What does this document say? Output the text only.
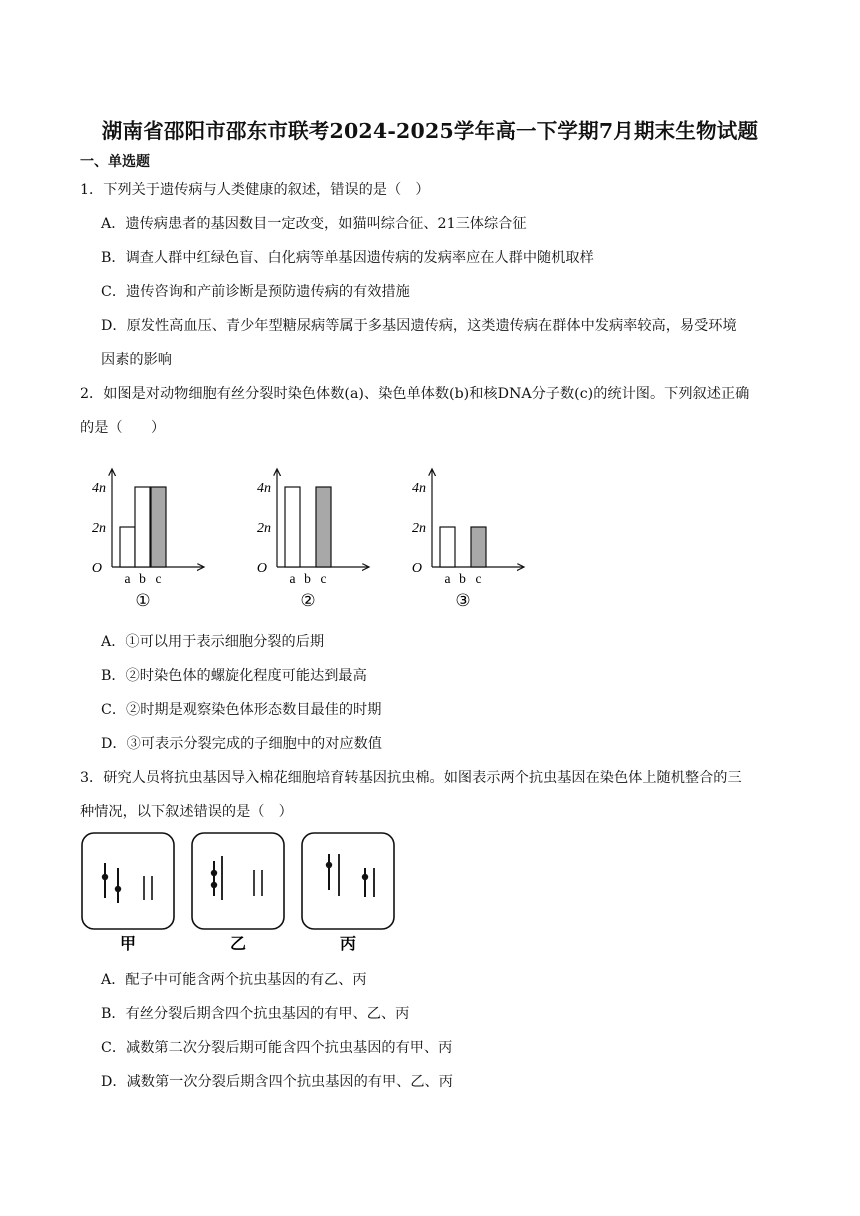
湖南省邵阳市邵东市联考2024-2025学年高一下学期7月期末生物试题
一、单选题
1．下列关于遗传病与人类健康的叙述，错误的是（　）
A．遗传病患者的基因数目一定改变，如猫叫综合征、21三体综合征
B．调查人群中红绿色盲、白化病等单基因遗传病的发病率应在人群中随机取样
C．遗传咨询和产前诊断是预防遗传病的有效措施
D．原发性高血压、青少年型糖尿病等属于多基因遗传病，这类遗传病在群体中发病率较高，易受环境
因素的影响
2．如图是对动物细胞有丝分裂时染色体数(a)、染色单体数(b)和核DNA分子数(c)的统计图。下列叙述正确
的是（　　）
4n
2n
O
a b c
①
4n
2n
O
a b c
②
4n
2n
O
a b c
③
A．①可以用于表示细胞分裂的后期
B．②时染色体的螺旋化程度可能达到最高
C．②时期是观察染色体形态数目最佳的时期
D．③可表示分裂完成的子细胞中的对应数值
3．研究人员将抗虫基因导入棉花细胞培育转基因抗虫棉。如图表示两个抗虫基因在染色体上随机整合的三
种情况，以下叙述错误的是（　）
甲	乙	丙
A．配子中可能含两个抗虫基因的有乙、丙
B．有丝分裂后期含四个抗虫基因的有甲、乙、丙
C．减数第二次分裂后期可能含四个抗虫基因的有甲、丙
D．减数第一次分裂后期含四个抗虫基因的有甲、乙、丙
